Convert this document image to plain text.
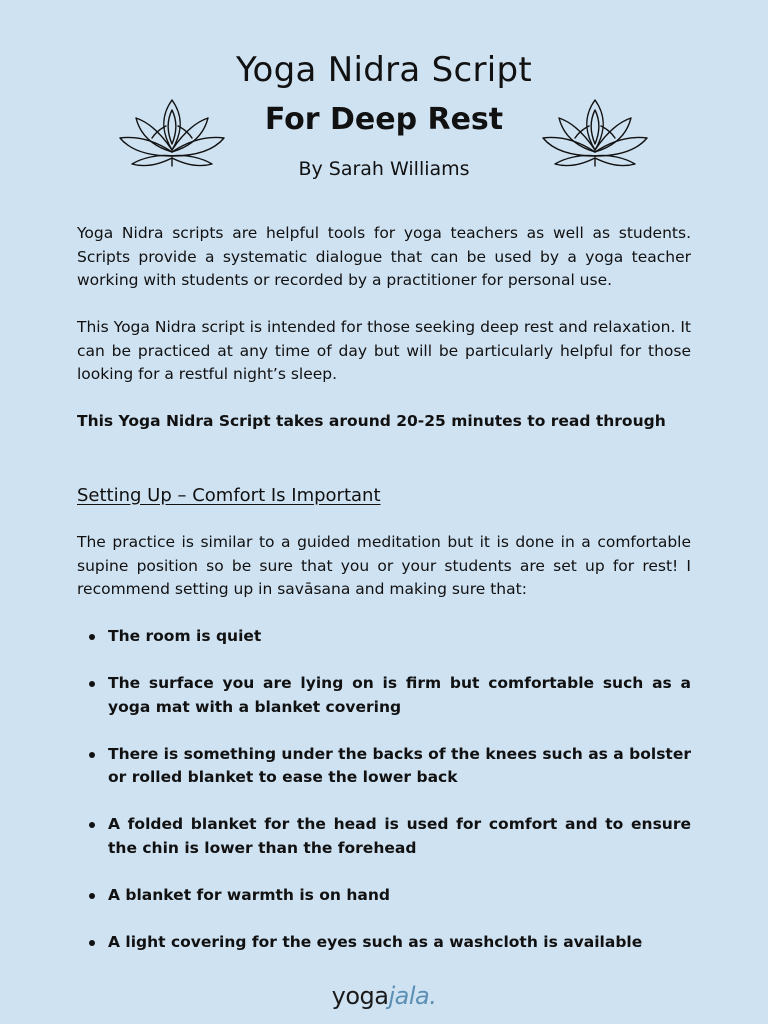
Yoga Nidra Script
For Deep Rest
By Sarah Williams

Yoga Nidra scripts are helpful tools for yoga teachers as well as students. Scripts provide a systematic dialogue that can be used by a yoga teacher working with students or recorded by a practitioner for personal use.

This Yoga Nidra script is intended for those seeking deep rest and relaxation. It can be practiced at any time of day but will be particularly helpful for those looking for a restful night’s sleep.

This Yoga Nidra Script takes around 20-25 minutes to read through

Setting Up – Comfort Is Important

The practice is similar to a guided meditation but it is done in a comfortable supine position so be sure that you or your students are set up for rest! I recommend setting up in savāsana and making sure that:

The room is quiet
The surface you are lying on is firm but comfortable such as a yoga mat with a blanket covering
There is something under the backs of the knees such as a bolster or rolled blanket to ease the lower back
A folded blanket for the head is used for comfort and to ensure the chin is lower than the forehead
A blanket for warmth is on hand
A light covering for the eyes such as a washcloth is available
yogajala.
